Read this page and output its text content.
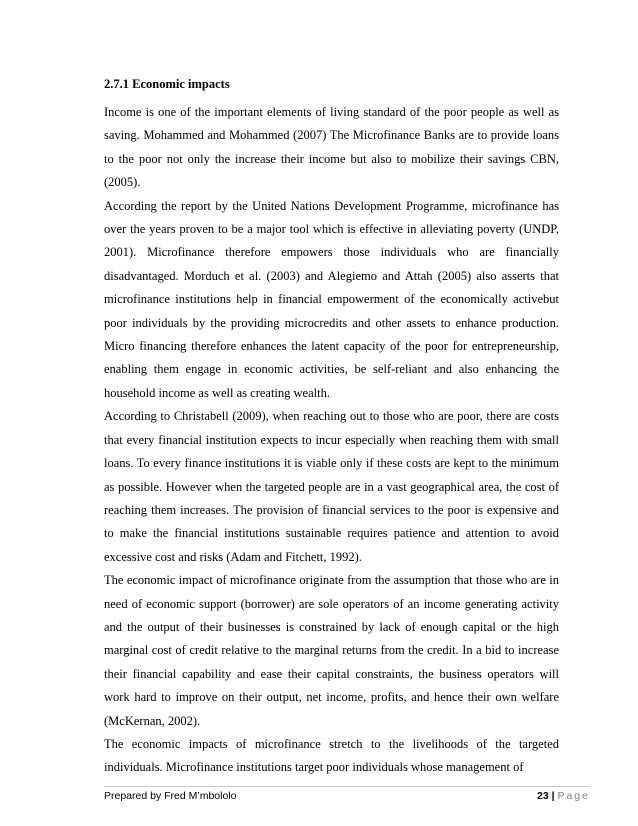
2.7.1 Economic impacts

Income is one of the important elements of living standard of the poor people as well as saving. Mohammed and Mohammed (2007) The Microfinance Banks are to provide loans to the poor not only the increase their income but also to mobilize their savings CBN, (2005).

According the report by the United Nations Development Programme, microfinance has over the years proven to be a major tool which is effective in alleviating poverty (UNDP, 2001). Microfinance therefore empowers those individuals who are financially disadvantaged. Morduch et al. (2003) and Alegiemo and Attah (2005) also asserts that microfinance institutions help in financial empowerment of the economically activebut poor individuals by the providing microcredits and other assets to enhance production. Micro financing therefore enhances the latent capacity of the poor for entrepreneurship, enabling them engage in economic activities, be self-reliant and also enhancing the household income as well as creating wealth.

According to Christabell (2009), when reaching out to those who are poor, there are costs that every financial institution expects to incur especially when reaching them with small loans. To every finance institutions it is viable only if these costs are kept to the minimum as possible. However when the targeted people are in a vast geographical area, the cost of reaching them increases. The provision of financial services to the poor is expensive and to make the financial institutions sustainable requires patience and attention to avoid excessive cost and risks (Adam and Fitchett, 1992).

The economic impact of microfinance originate from the assumption that those who are in need of economic support (borrower) are sole operators of an income generating activity and the output of their businesses is constrained by lack of enough capital or the high marginal cost of credit relative to the marginal returns from the credit. In a bid to increase their financial capability and ease their capital constraints, the business operators will work hard to improve on their output, net income, profits, and hence their own welfare (McKernan, 2002).

The economic impacts of microfinance stretch to the livelihoods of the targeted individuals. Microfinance institutions target poor individuals whose management of

Prepared by Fred M’mbololo	23 | Page
